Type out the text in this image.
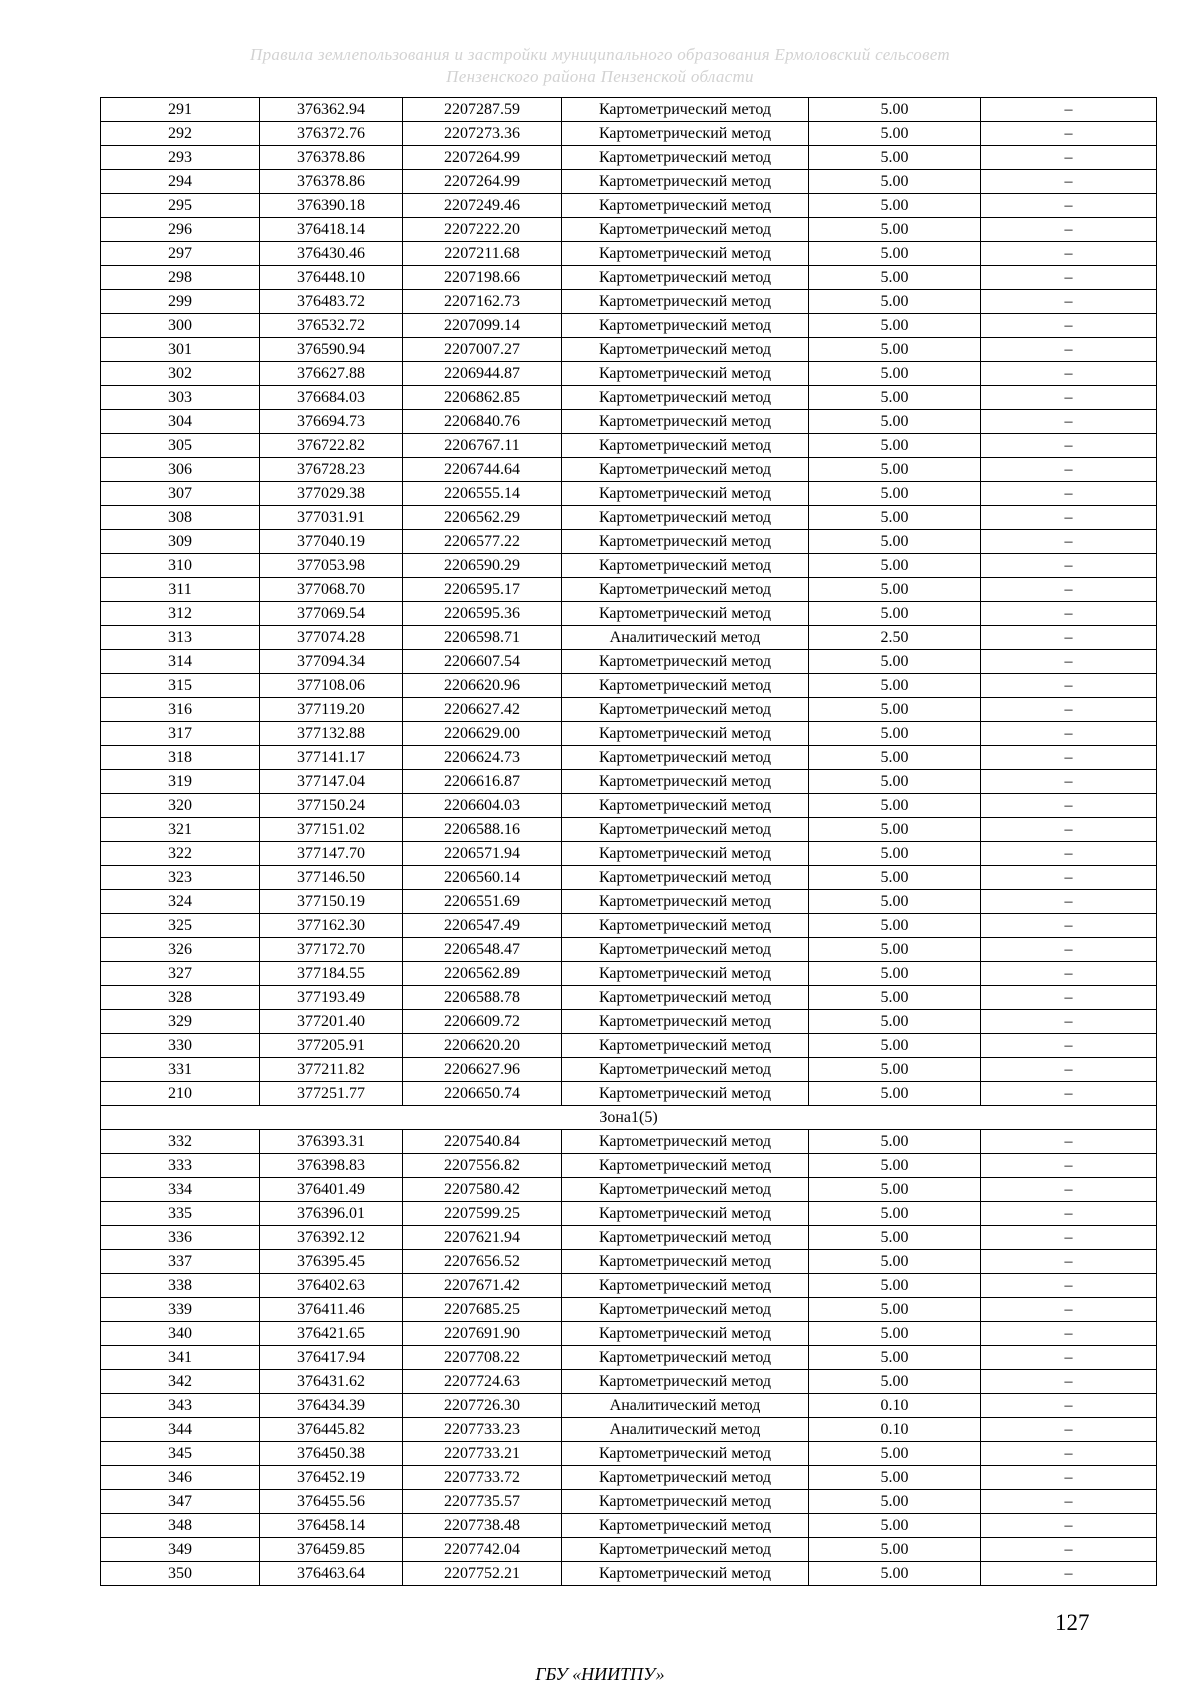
Правила землепользования и застройки муниципального образования Ермоловский сельсовет
Пензенского района Пензенской области
291	376362.94	2207287.59	Картометрический метод	5.00	–
292	376372.76	2207273.36	Картометрический метод	5.00	–
293	376378.86	2207264.99	Картометрический метод	5.00	–
294	376378.86	2207264.99	Картометрический метод	5.00	–
295	376390.18	2207249.46	Картометрический метод	5.00	–
296	376418.14	2207222.20	Картометрический метод	5.00	–
297	376430.46	2207211.68	Картометрический метод	5.00	–
298	376448.10	2207198.66	Картометрический метод	5.00	–
299	376483.72	2207162.73	Картометрический метод	5.00	–
300	376532.72	2207099.14	Картометрический метод	5.00	–
301	376590.94	2207007.27	Картометрический метод	5.00	–
302	376627.88	2206944.87	Картометрический метод	5.00	–
303	376684.03	2206862.85	Картометрический метод	5.00	–
304	376694.73	2206840.76	Картометрический метод	5.00	–
305	376722.82	2206767.11	Картометрический метод	5.00	–
306	376728.23	2206744.64	Картометрический метод	5.00	–
307	377029.38	2206555.14	Картометрический метод	5.00	–
308	377031.91	2206562.29	Картометрический метод	5.00	–
309	377040.19	2206577.22	Картометрический метод	5.00	–
310	377053.98	2206590.29	Картометрический метод	5.00	–
311	377068.70	2206595.17	Картометрический метод	5.00	–
312	377069.54	2206595.36	Картометрический метод	5.00	–
313	377074.28	2206598.71	Аналитический метод	2.50	–
314	377094.34	2206607.54	Картометрический метод	5.00	–
315	377108.06	2206620.96	Картометрический метод	5.00	–
316	377119.20	2206627.42	Картометрический метод	5.00	–
317	377132.88	2206629.00	Картометрический метод	5.00	–
318	377141.17	2206624.73	Картометрический метод	5.00	–
319	377147.04	2206616.87	Картометрический метод	5.00	–
320	377150.24	2206604.03	Картометрический метод	5.00	–
321	377151.02	2206588.16	Картометрический метод	5.00	–
322	377147.70	2206571.94	Картометрический метод	5.00	–
323	377146.50	2206560.14	Картометрический метод	5.00	–
324	377150.19	2206551.69	Картометрический метод	5.00	–
325	377162.30	2206547.49	Картометрический метод	5.00	–
326	377172.70	2206548.47	Картометрический метод	5.00	–
327	377184.55	2206562.89	Картометрический метод	5.00	–
328	377193.49	2206588.78	Картометрический метод	5.00	–
329	377201.40	2206609.72	Картометрический метод	5.00	–
330	377205.91	2206620.20	Картометрический метод	5.00	–
331	377211.82	2206627.96	Картометрический метод	5.00	–
210	377251.77	2206650.74	Картометрический метод	5.00	–
Зона1(5)					
332	376393.31	2207540.84	Картометрический метод	5.00	–
333	376398.83	2207556.82	Картометрический метод	5.00	–
334	376401.49	2207580.42	Картометрический метод	5.00	–
335	376396.01	2207599.25	Картометрический метод	5.00	–
336	376392.12	2207621.94	Картометрический метод	5.00	–
337	376395.45	2207656.52	Картометрический метод	5.00	–
338	376402.63	2207671.42	Картометрический метод	5.00	–
339	376411.46	2207685.25	Картометрический метод	5.00	–
340	376421.65	2207691.90	Картометрический метод	5.00	–
341	376417.94	2207708.22	Картометрический метод	5.00	–
342	376431.62	2207724.63	Картометрический метод	5.00	–
343	376434.39	2207726.30	Аналитический метод	0.10	–
344	376445.82	2207733.23	Аналитический метод	0.10	–
345	376450.38	2207733.21	Картометрический метод	5.00	–
346	376452.19	2207733.72	Картометрический метод	5.00	–
347	376455.56	2207735.57	Картометрический метод	5.00	–
348	376458.14	2207738.48	Картометрический метод	5.00	–
349	376459.85	2207742.04	Картометрический метод	5.00	–
350	376463.64	2207752.21	Картометрический метод	5.00	–
127
ГБУ «НИИТПУ»
